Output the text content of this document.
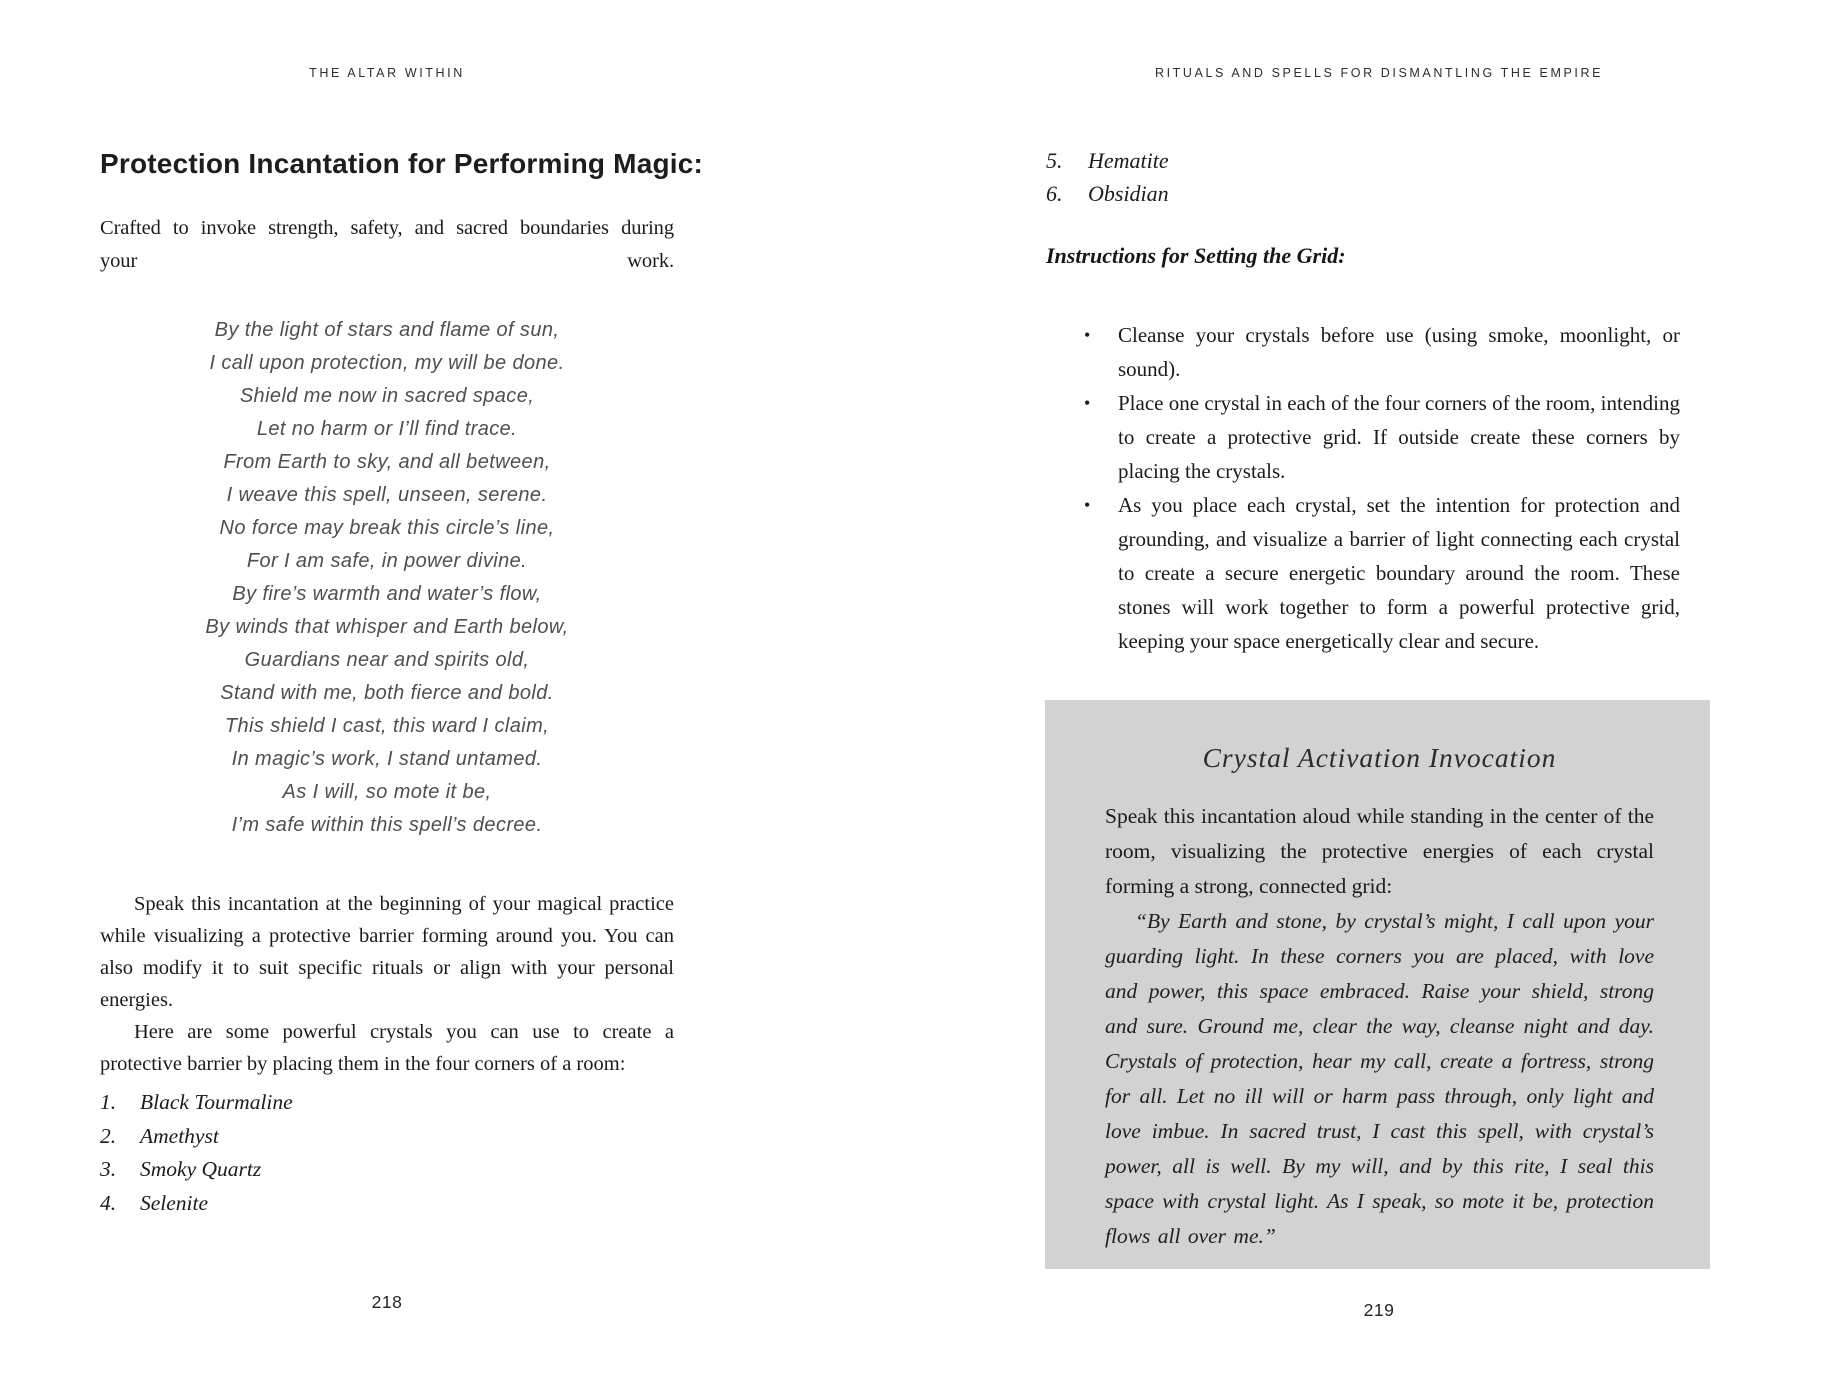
THE ALTAR WITHIN
Protection Incantation for Performing Magic:

Crafted to invoke strength, safety, and sacred boundaries during your work.

By the light of stars and flame of sun,
I call upon protection, my will be done.
Shield me now in sacred space,
Let no harm or I’ll find trace.
From Earth to sky, and all between,
I weave this spell, unseen, serene.
No force may break this circle’s line,
For I am safe, in power divine.
By fire’s warmth and water’s flow,
By winds that whisper and Earth below,
Guardians near and spirits old,
Stand with me, both fierce and bold.
This shield I cast, this ward I claim,
In magic’s work, I stand untamed.
As I will, so mote it be,
I’m safe within this spell’s decree.

Speak this incantation at the beginning of your magical practice while visualizing a protective barrier forming around you. You can also modify it to suit specific rituals or align with your personal energies.

Here are some powerful crystals you can use to create a protective barrier by placing them in the four corners of a room:

1.	Black Tourmaline
2.	Amethyst
3.	Smoky Quartz
4.	Selenite
218
RITUALS AND SPELLS FOR DISMANTLING THE EMPIRE
5.	Hematite
6.	Obsidian
Instructions for Setting the Grid:
•	Cleanse your crystals before use (using smoke, moonlight, or sound).
•	Place one crystal in each of the four corners of the room, intending to create a protective grid. If outside create these corners by placing the crystals.
•	As you place each crystal, set the intention for protection and grounding, and visualize a barrier of light connecting each crystal to create a secure energetic boundary around the room. These stones will work together to form a powerful protective grid, keeping your space energetically clear and secure.
Crystal Activation Invocation

Speak this incantation aloud while standing in the center of the room, visualizing the protective energies of each crystal forming a strong, connected grid:

“By Earth and stone, by crystal’s might, I call upon your guarding light. In these corners you are placed, with love and power, this space embraced. Raise your shield, strong and sure. Ground me, clear the way, cleanse night and day. Crystals of protection, hear my call, create a fortress, strong for all. Let no ill will or harm pass through, only light and love imbue. In sacred trust, I cast this spell, with crystal’s power, all is well. By my will, and by this rite, I seal this space with crystal light. As I speak, so mote it be, protection flows all over me.”

219
